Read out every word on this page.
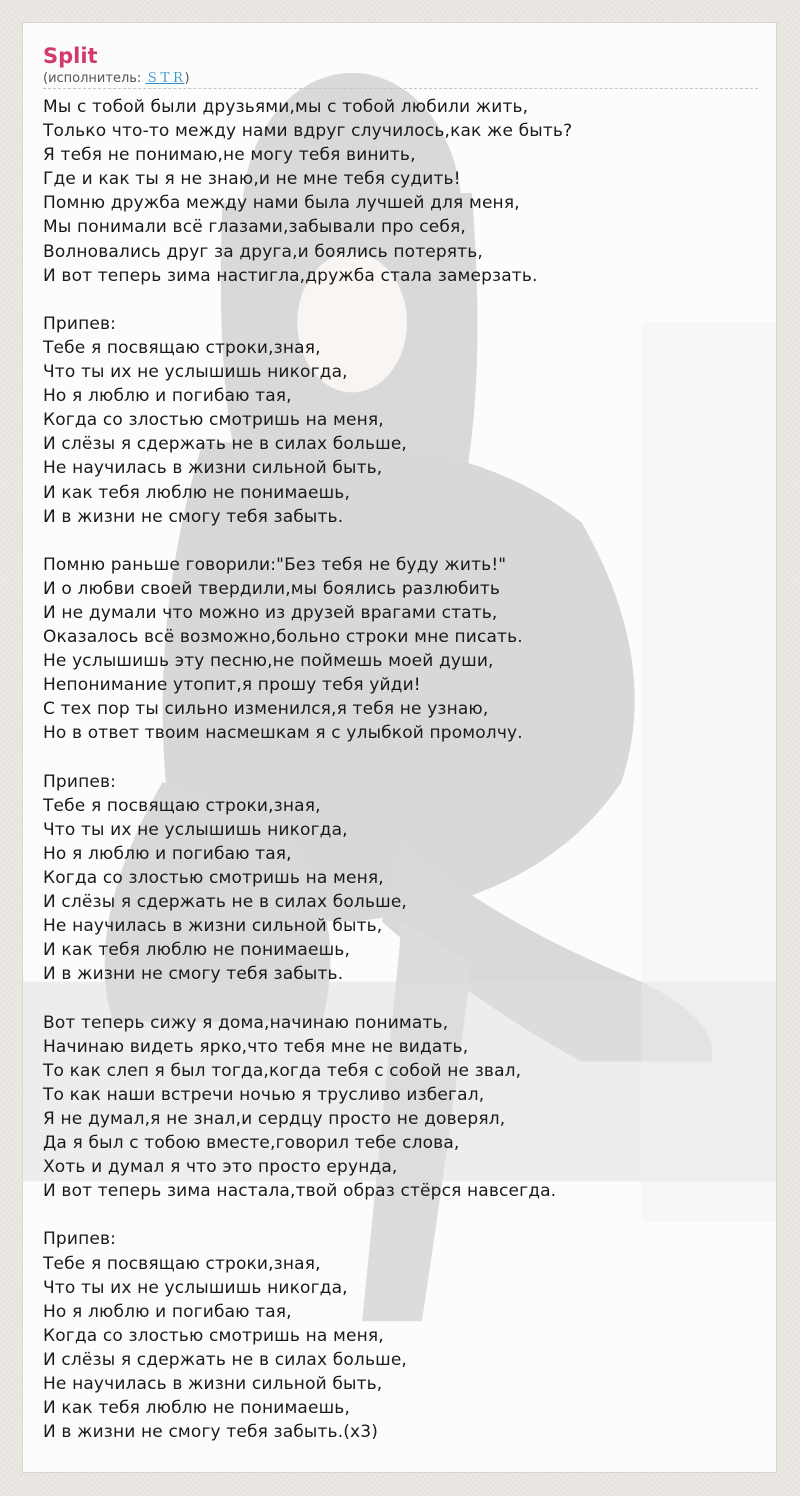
Split
(исполнитель: ＳＴＲ)
Мы с тобой были друзьями,мы с тобой любили жить,
Только что-то между нами вдруг случилось,как же быть?
Я тебя не понимаю,не могу тебя винить,
Где и как ты я не знаю,и не мне тебя судить!
Помню дружба между нами была лучшей для меня,
Мы понимали всё глазами,забывали про себя,
Волновались друг за друга,и боялись потерять,
И вот теперь зима настигла,дружба стала замерзать.
Припев:
Тебе я посвящаю строки,зная,
Что ты их не услышишь никогда,
Но я люблю и погибаю тая,
Когда со злостью смотришь на меня,
И слёзы я сдержать не в силах больше,
Не научилась в жизни сильной быть,
И как тебя люблю не понимаешь,
И в жизни не смогу тебя забыть.
Помню раньше говорили:"Без тебя не буду жить!"
И о любви своей твердили,мы боялись разлюбить
И не думали что можно из друзей врагами стать,
Оказалось всё возможно,больно строки мне писать.
Не услышишь эту песню,не поймешь моей души,
Непонимание утопит,я прошу тебя уйди!
С тех пор ты сильно изменился,я тебя не узнаю,
Но в ответ твоим насмешкам я с улыбкой промолчу.
Припев:
Тебе я посвящаю строки,зная,
Что ты их не услышишь никогда,
Но я люблю и погибаю тая,
Когда со злостью смотришь на меня,
И слёзы я сдержать не в силах больше,
Не научилась в жизни сильной быть,
И как тебя люблю не понимаешь,
И в жизни не смогу тебя забыть.
Вот теперь сижу я дома,начинаю понимать,
Начинаю видеть ярко,что тебя мне не видать,
То как слеп я был тогда,когда тебя с собой не звал,
То как наши встречи ночью я трусливо избегал,
Я не думал,я не знал,и сердцу просто не доверял,
Да я был с тобою вместе,говорил тебе слова,
Хоть и думал я что это просто ерунда,
И вот теперь зима настала,твой образ стёрся навсегда.
Припев:
Тебе я посвящаю строки,зная,
Что ты их не услышишь никогда,
Но я люблю и погибаю тая,
Когда со злостью смотришь на меня,
И слёзы я сдержать не в силах больше,
Не научилась в жизни сильной быть,
И как тебя люблю не понимаешь,
И в жизни не смогу тебя забыть.(x3)
